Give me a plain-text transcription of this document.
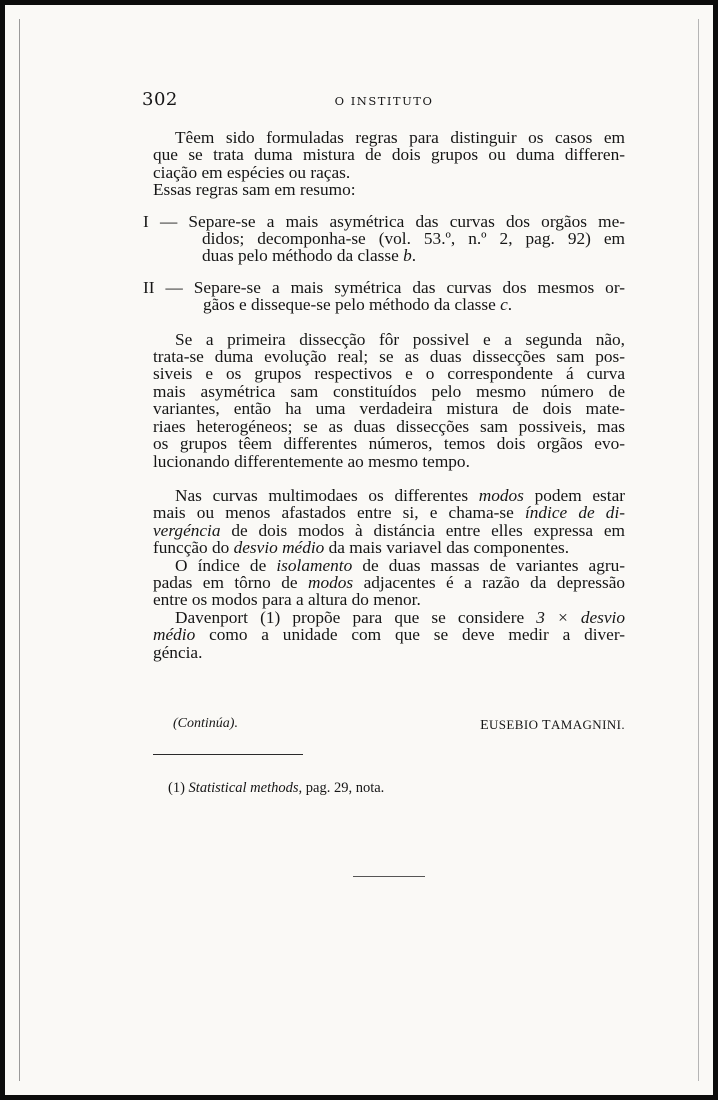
302	O INSTITUTO
Têem sido formuladas regras para distinguir os casos em
que se trata duma mistura de dois grupos ou duma differen-
ciação em espécies ou raças.
Essas regras sam em resumo:
I — Separe-se a mais asymétrica das curvas dos orgãos me-
didos; decomponha-se (vol. 53.º, n.º 2, pag. 92) em
duas pelo méthodo da classe b.
II — Separe-se a mais symétrica das curvas dos mesmos or-
gãos e disseque-se pelo méthodo da classe c.
Se a primeira dissecção fôr possivel e a segunda não,
trata-se duma evolução real; se as duas dissecções sam pos-
siveis e os grupos respectivos e o correspondente á curva
mais asymétrica sam constituídos pelo mesmo número de
variantes, então ha uma verdadeira mistura de dois mate-
riaes heterogéneos; se as duas dissecções sam possiveis, mas
os grupos têem differentes números, temos dois orgãos evo-
lucionando differentemente ao mesmo tempo.
Nas curvas multimodaes os differentes modos podem estar
mais ou menos afastados entre si, e chama-se índice de di-
vergéncia de dois modos à distáncia entre elles expressa em
funcção do desvio médio da mais variavel das componentes.
O índice de isolamento de duas massas de variantes agru-
padas em tôrno de modos adjacentes é a razão da depressão
entre os modos para a altura do menor.
Davenport (1) propõe para que se considere 3 × desvio
médio como a unidade com que se deve medir a diver-
géncia.
(Continúa).	EUSEBIO TAMAGNINI.
(1) Statistical methods, pag. 29, nota.
